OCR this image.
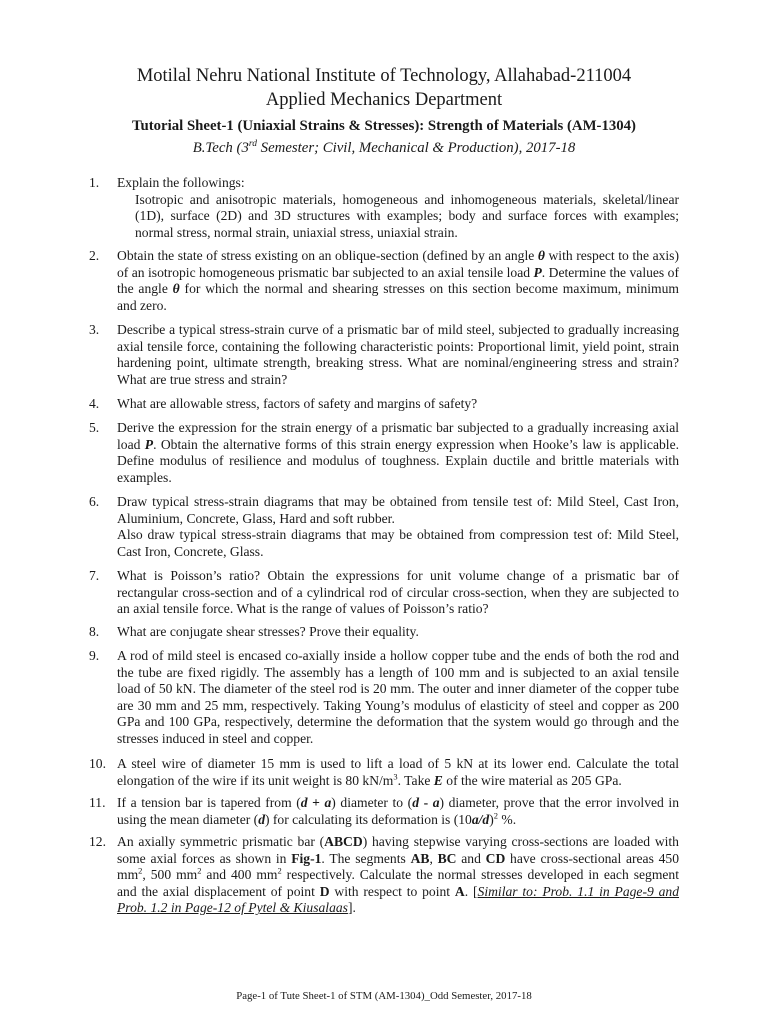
Motilal Nehru National Institute of Technology, Allahabad-211004
Applied Mechanics Department
Tutorial Sheet-1 (Uniaxial Strains & Stresses): Strength of Materials (AM-1304)
B.Tech (3rd Semester; Civil, Mechanical & Production), 2017-18
1.	Explain the followings:

Isotropic and anisotropic materials, homogeneous and inhomogeneous materials, skeletal/linear (1D), surface (2D) and 3D structures with examples; body and surface forces with examples; normal stress, normal strain, uniaxial stress, uniaxial strain.

2.	Obtain the state of stress existing on an oblique-section (defined by an angle θ with respect to the axis) of an isotropic homogeneous prismatic bar subjected to an axial tensile load P. Determine the values of the angle θ for which the normal and shearing stresses on this section become maximum, minimum and zero.

3.	Describe a typical stress-strain curve of a prismatic bar of mild steel, subjected to gradually increasing axial tensile force, containing the following characteristic points: Proportional limit, yield point, strain hardening point, ultimate strength, breaking stress. What are nominal/engineering stress and strain? What are true stress and strain?

4.	What are allowable stress, factors of safety and margins of safety?

5.	Derive the expression for the strain energy of a prismatic bar subjected to a gradually increasing axial load P. Obtain the alternative forms of this strain energy expression when Hooke’s law is applicable. Define modulus of resilience and modulus of toughness. Explain ductile and brittle materials with examples.

6.	Draw typical stress-strain diagrams that may be obtained from tensile test of: Mild Steel, Cast Iron, Aluminium, Concrete, Glass, Hard and soft rubber.

Also draw typical stress-strain diagrams that may be obtained from compression test of: Mild Steel, Cast Iron, Concrete, Glass.

7.	What is Poisson’s ratio? Obtain the expressions for unit volume change of a prismatic bar of rectangular cross-section and of a cylindrical rod of circular cross-section, when they are subjected to an axial tensile force. What is the range of values of Poisson’s ratio?

8.	What are conjugate shear stresses? Prove their equality.

9.	A rod of mild steel is encased co-axially inside a hollow copper tube and the ends of both the rod and the tube are fixed rigidly. The assembly has a length of 100 mm and is subjected to an axial tensile load of 50 kN. The diameter of the steel rod is 20 mm. The outer and inner diameter of the copper tube are 30 mm and 25 mm, respectively. Taking Young’s modulus of elasticity of steel and copper as 200 GPa and 100 GPa, respectively, determine the deformation that the system would go through and the stresses induced in steel and copper.

10. A steel wire of diameter 15 mm is used to lift a load of 5 kN at its lower end. Calculate the total elongation of the wire if its unit weight is 80 $kN/m^3$. Take E of the wire material as 205 GPa.

11. If a tension bar is tapered from (d + a) diameter to (d - a) diameter, prove that the error involved in using the mean diameter (d) for calculating its deformation is $(10a/d)^2$ %.

12. An axially symmetric prismatic bar (ABCD) having stepwise varying cross-sections are loaded with some axial forces as shown in Fig-1. The segments AB, BC and CD have cross-sectional areas 450 $mm^2$, 500 $mm^2$ and 400 $mm^2$ respectively. Calculate the normal stresses developed in each segment and the axial displacement of point D with respect to point A. [Similar to: Prob. 1.1 in Page-9 and Prob. 1.2 in Page-12 of Pytel & Kiusalaas].

Page-1 of Tute Sheet-1 of STM (AM-1304)_Odd Semester, 2017-18
